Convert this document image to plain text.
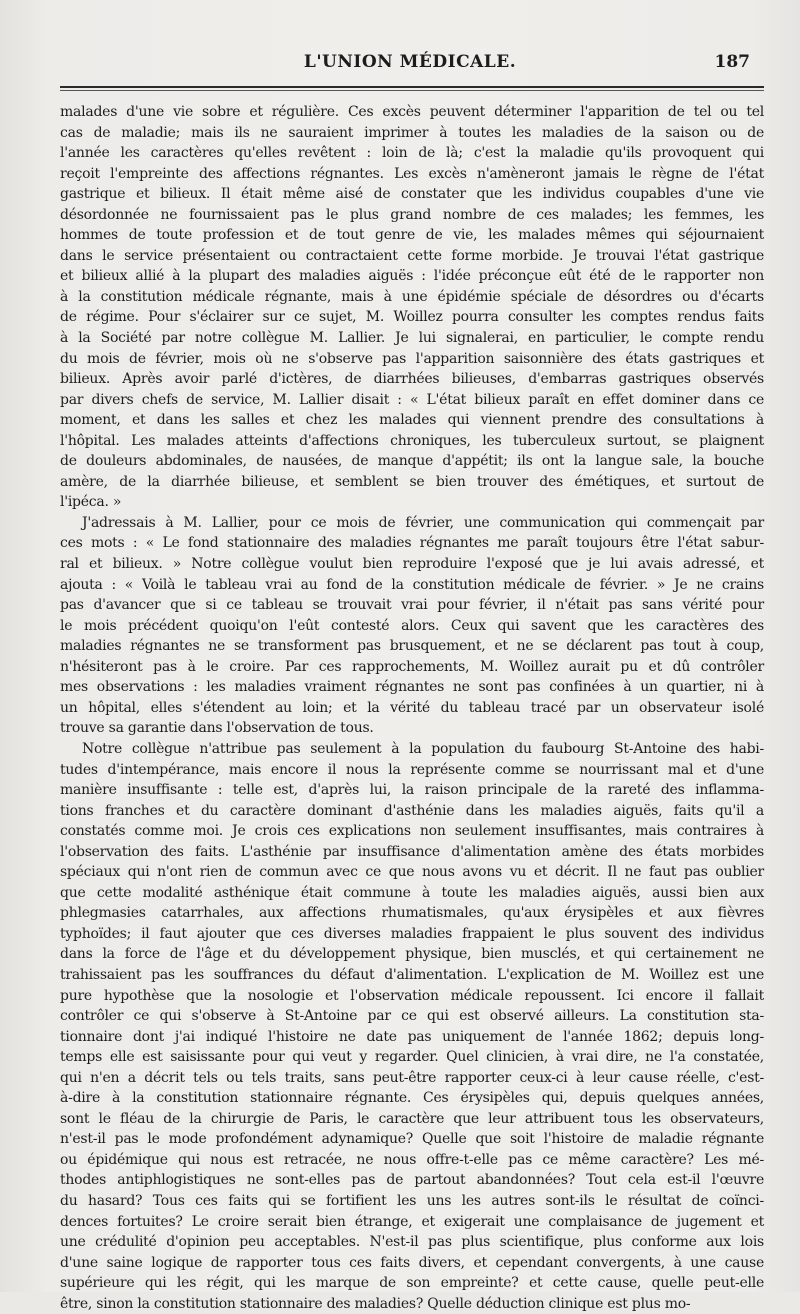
L'UNION MÉDICALE.	187
malades d'une vie sobre et régulière. Ces excès peuvent déterminer l'apparition de tel ou tel
cas de maladie; mais ils ne sauraient imprimer à toutes les maladies de la saison ou de
l'année les caractères qu'elles revêtent : loin de là; c'est la maladie qu'ils provoquent qui
reçoit l'empreinte des affections régnantes. Les excès n'amèneront jamais le règne de l'état
gastrique et bilieux. Il était même aisé de constater que les individus coupables d'une vie
désordonnée ne fournissaient pas le plus grand nombre de ces malades; les femmes, les
hommes de toute profession et de tout genre de vie, les malades mêmes qui séjournaient
dans le service présentaient ou contractaient cette forme morbide. Je trouvai l'état gastrique
et bilieux allié à la plupart des maladies aiguës : l'idée préconçue eût été de le rapporter non
à la constitution médicale régnante, mais à une épidémie spéciale de désordres ou d'écarts
de régime. Pour s'éclairer sur ce sujet, M. Woillez pourra consulter les comptes rendus faits
à la Société par notre collègue M. Lallier. Je lui signalerai, en particulier, le compte rendu
du mois de février, mois où ne s'observe pas l'apparition saisonnière des états gastriques et
bilieux. Après avoir parlé d'ictères, de diarrhées bilieuses, d'embarras gastriques observés
par divers chefs de service, M. Lallier disait : « L'état bilieux paraît en effet dominer dans ce
moment, et dans les salles et chez les malades qui viennent prendre des consultations à
l'hôpital. Les malades atteints d'affections chroniques, les tuberculeux surtout, se plaignent
de douleurs abdominales, de nausées, de manque d'appétit; ils ont la langue sale, la bouche
amère, de la diarrhée bilieuse, et semblent se bien trouver des émétiques, et surtout de
l'ipéca. »
J'adressais à M. Lallier, pour ce mois de février, une communication qui commençait par
ces mots : « Le fond stationnaire des maladies régnantes me paraît toujours être l'état sabur-
ral et bilieux. » Notre collègue voulut bien reproduire l'exposé que je lui avais adressé, et
ajouta : « Voilà le tableau vrai au fond de la constitution médicale de février. » Je ne crains
pas d'avancer que si ce tableau se trouvait vrai pour février, il n'était pas sans vérité pour
le mois précédent quoiqu'on l'eût contesté alors. Ceux qui savent que les caractères des
maladies régnantes ne se transforment pas brusquement, et ne se déclarent pas tout à coup,
n'hésiteront pas à le croire. Par ces rapprochements, M. Woillez aurait pu et dû contrôler
mes observations : les maladies vraiment régnantes ne sont pas confinées à un quartier, ni à
un hôpital, elles s'étendent au loin; et la vérité du tableau tracé par un observateur isolé
trouve sa garantie dans l'observation de tous.
Notre collègue n'attribue pas seulement à la population du faubourg St-Antoine des habi-
tudes d'intempérance, mais encore il nous la représente comme se nourrissant mal et d'une
manière insuffisante : telle est, d'après lui, la raison principale de la rareté des inflamma-
tions franches et du caractère dominant d'asthénie dans les maladies aiguës, faits qu'il a
constatés comme moi. Je crois ces explications non seulement insuffisantes, mais contraires à
l'observation des faits. L'asthénie par insuffisance d'alimentation amène des états morbides
spéciaux qui n'ont rien de commun avec ce que nous avons vu et décrit. Il ne faut pas oublier
que cette modalité asthénique était commune à toute les maladies aiguës, aussi bien aux
phlegmasies catarrhales, aux affections rhumatismales, qu'aux érysipèles et aux fièvres
typhoïdes; il faut ajouter que ces diverses maladies frappaient le plus souvent des individus
dans la force de l'âge et du développement physique, bien musclés, et qui certainement ne
trahissaient pas les souffrances du défaut d'alimentation. L'explication de M. Woillez est une
pure hypothèse que la nosologie et l'observation médicale repoussent. Ici encore il fallait
contrôler ce qui s'observe à St-Antoine par ce qui est observé ailleurs. La constitution sta-
tionnaire dont j'ai indiqué l'histoire ne date pas uniquement de l'année 1862; depuis long-
temps elle est saisissante pour qui veut y regarder. Quel clinicien, à vrai dire, ne l'a constatée,
qui n'en a décrit tels ou tels traits, sans peut-être rapporter ceux-ci à leur cause réelle, c'est-
à-dire à la constitution stationnaire régnante. Ces érysipèles qui, depuis quelques années,
sont le fléau de la chirurgie de Paris, le caractère que leur attribuent tous les observateurs,
n'est-il pas le mode profondément adynamique? Quelle que soit l'histoire de maladie régnante
ou épidémique qui nous est retracée, ne nous offre-t-elle pas ce même caractère? Les mé-
thodes antiphlogistiques ne sont-elles pas de partout abandonnées? Tout cela est-il l'œuvre
du hasard? Tous ces faits qui se fortifient les uns les autres sont-ils le résultat de coïnci-
dences fortuites? Le croire serait bien étrange, et exigerait une complaisance de jugement et
une crédulité d'opinion peu acceptables. N'est-il pas plus scientifique, plus conforme aux lois
d'une saine logique de rapporter tous ces faits divers, et cependant convergents, à une cause
supérieure qui les régit, qui les marque de son empreinte? et cette cause, quelle peut-elle
être, sinon la constitution stationnaire des maladies? Quelle déduction clinique est plus mo-
